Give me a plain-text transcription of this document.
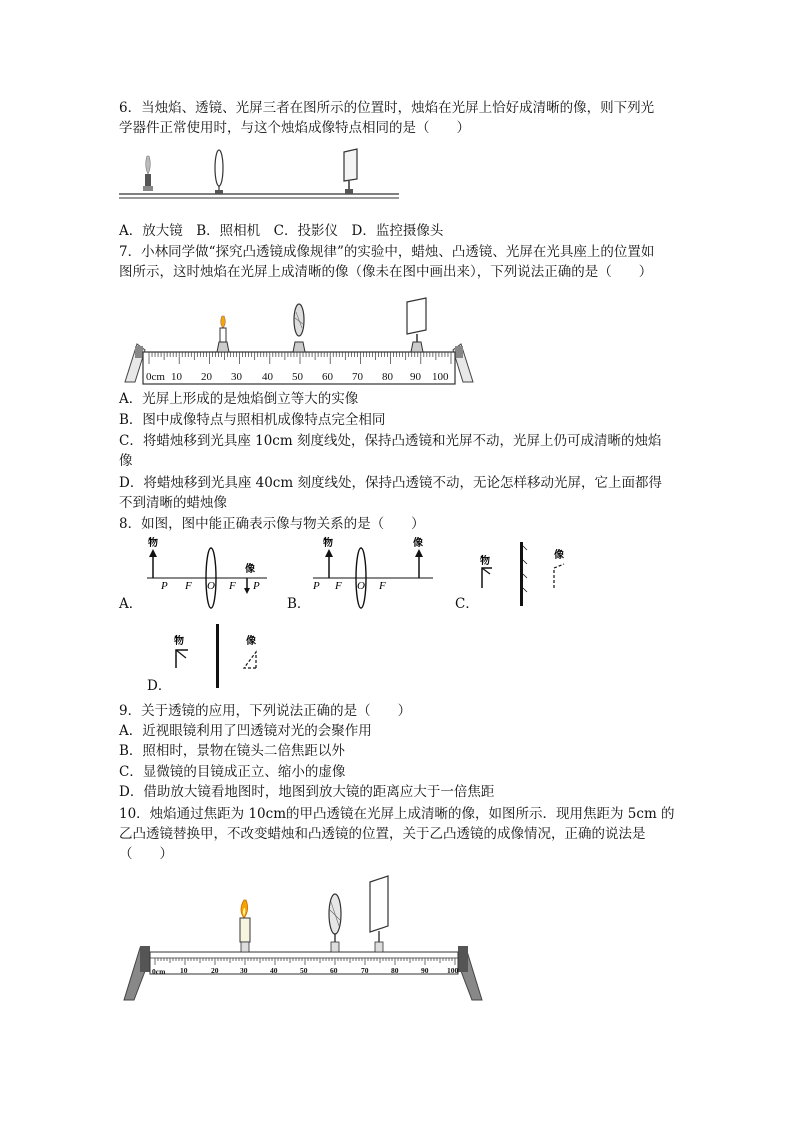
6．当烛焰、透镜、光屏三者在图所示的位置时，烛焰在光屏上恰好成清晰的像，则下列光
学器件正常使用时，与这个烛焰成像特点相同的是（　　）
A．放大镜　B．照相机　C．投影仪　D．监控摄像头
7．小林同学做“探究凸透镜成像规律”的实验中，蜡烛、凸透镜、光屏在光具座上的位置如
图所示，这时烛焰在光屏上成清晰的像（像未在图中画出来），下列说法正确的是（　　）
0cm 10 20 30 40 50 60 70 80 90 100
A．光屏上形成的是烛焰倒立等大的实像
B．图中成像特点与照相机成像特点完全相同
C．将蜡烛移到光具座 10cm 刻度线处，保持凸透镜和光屏不动，光屏上仍可成清晰的烛焰
像
D．将蜡烛移到光具座 40cm 刻度线处，保持凸透镜不动，无论怎样移动光屏，它上面都得
不到清晰的蜡烛像
8．如图，图中能正确表示像与物关系的是（　　）
A．
物
像
P F O F P
B．
物	像
P F O F
C．
物
像
D．
物	像
9．关于透镜的应用，下列说法正确的是（　　）
A．近视眼镜利用了凹透镜对光的会聚作用
B．照相时，景物在镜头二倍焦距以外
C．显微镜的目镜成正立、缩小的虚像
D．借助放大镜看地图时，地图到放大镜的距离应大于一倍焦距
10．烛焰通过焦距为 10cm的甲凸透镜在光屏上成清晰的像，如图所示．现用焦距为 5cm 的
乙凸透镜替换甲，不改变蜡烛和凸透镜的位置，关于乙凸透镜的成像情况，正确的说法是
（　　）
0cm 10	20	30	40	50	60	70	80	90 100
